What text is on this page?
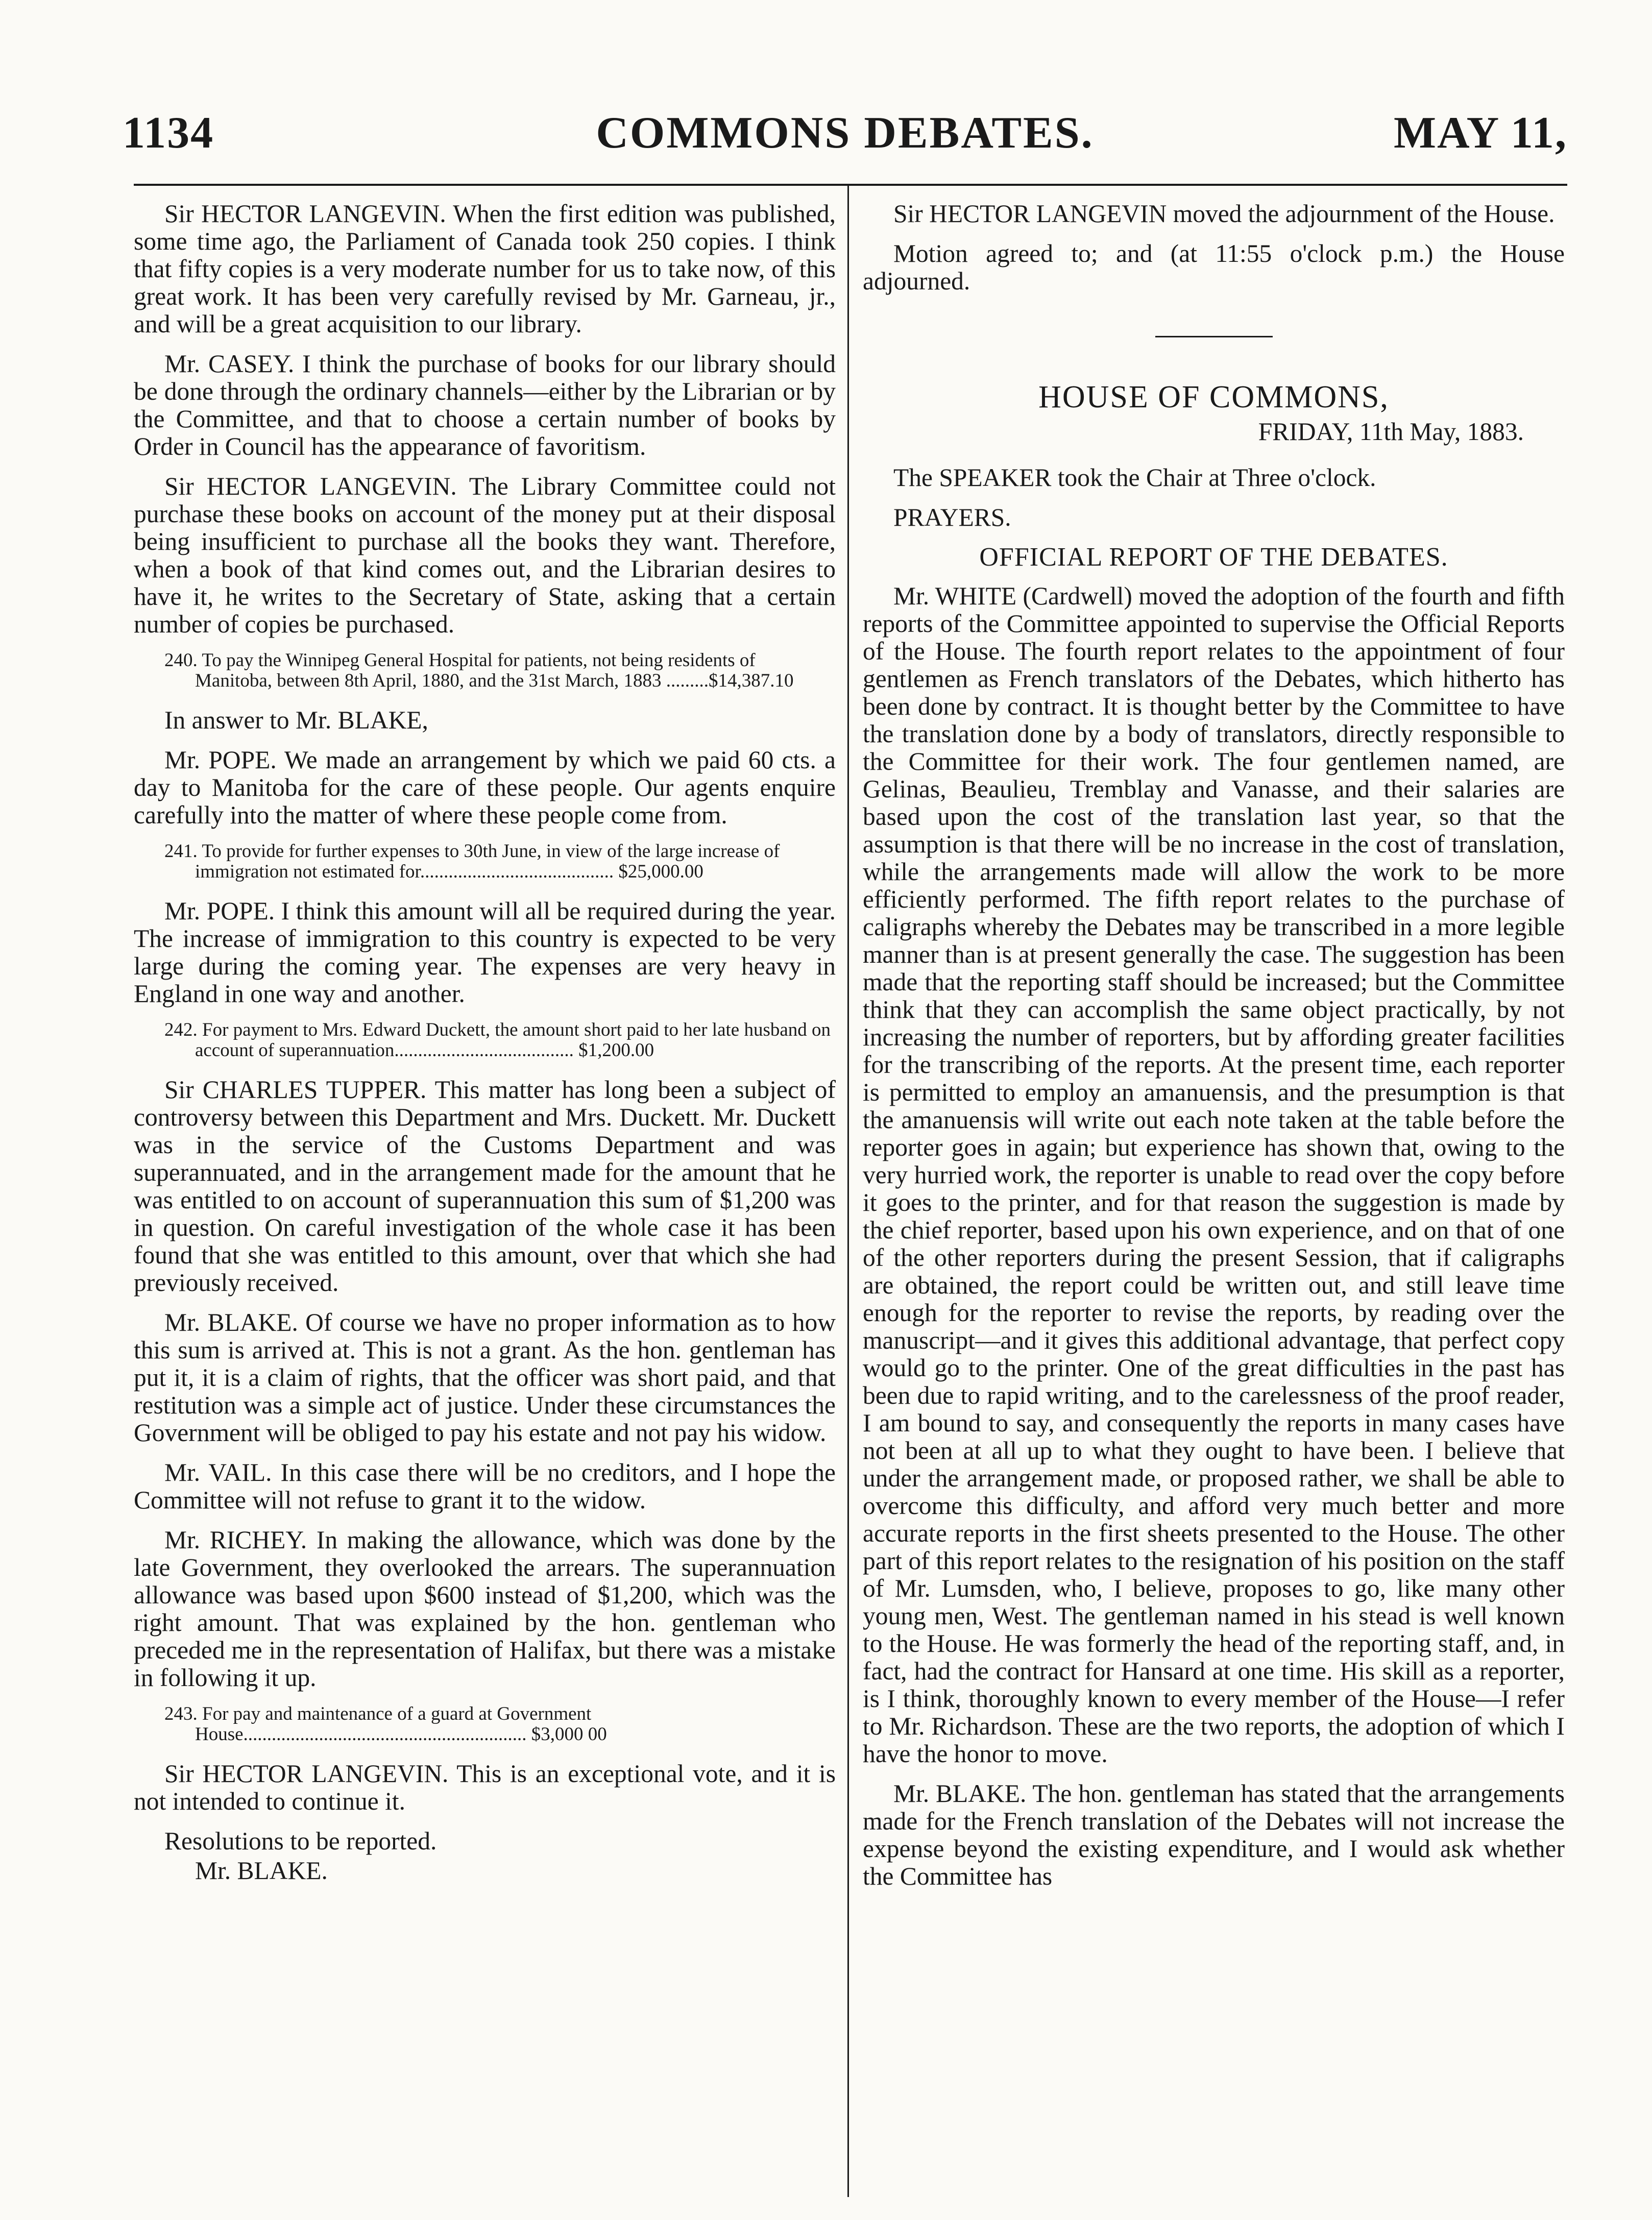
1134	COMMONS DEBATES.	MAY 11,

Sir HECTOR LANGEVIN. When the first edition was published, some time ago, the Parliament of Canada took 250 copies. I think that fifty copies is a very moderate number for us to take now, of this great work. It has been very carefully revised by Mr. Garneau, jr., and will be a great acquisition to our library.

Mr. CASEY. I think the purchase of books for our library should be done through the ordinary channels—either by the Librarian or by the Committee, and that to choose a certain number of books by Order in Council has the appearance of favoritism.

Sir HECTOR LANGEVIN. The Library Committee could not purchase these books on account of the money put at their disposal being insufficient to purchase all the books they want. Therefore, when a book of that kind comes out, and the Librarian desires to have it, he writes to the Secretary of State, asking that a certain number of copies be purchased.

240. To pay the Winnipeg General Hospital for patients, not being residents of Manitoba, between 8th April, 1880, and the 31st March, 1883 .........$14,387.10

In answer to Mr. BLAKE,

Mr. POPE. We made an arrangement by which we paid 60 cts. a day to Manitoba for the care of these people. Our agents enquire carefully into the matter of where these people come from.

241. To provide for further expenses to 30th June, in view of the large increase of immigration not estimated for......................................... $25,000.00

Mr. POPE. I think this amount will all be required during the year. The increase of immigration to this country is expected to be very large during the coming year. The expenses are very heavy in England in one way and another.

242. For payment to Mrs. Edward Duckett, the amount short paid to her late husband on account of superannuation...................................... $1,200.00

Sir CHARLES TUPPER. This matter has long been a subject of controversy between this Department and Mrs. Duckett. Mr. Duckett was in the service of the Customs Department and was superannuated, and in the arrangement made for the amount that he was entitled to on account of superannuation this sum of $1,200 was in question. On careful investigation of the whole case it has been found that she was entitled to this amount, over that which she had previously received.

Mr. BLAKE. Of course we have no proper information as to how this sum is arrived at. This is not a grant. As the hon. gentleman has put it, it is a claim of rights, that the officer was short paid, and that restitution was a simple act of justice. Under these circumstances the Government will be obliged to pay his estate and not pay his widow.

Mr. VAIL. In this case there will be no creditors, and I hope the Committee will not refuse to grant it to the widow.

Mr. RICHEY. In making the allowance, which was done by the late Government, they overlooked the arrears. The superannuation allowance was based upon $600 instead of $1,200, which was the right amount. That was explained by the hon. gentleman who preceded me in the representation of Halifax, but there was a mistake in following it up.

243. For pay and maintenance of a guard at Government House............................................................ $3,000 00

Sir HECTOR LANGEVIN. This is an exceptional vote, and it is not intended to continue it.

Resolutions to be reported.

Mr. BLAKE.

Sir HECTOR LANGEVIN moved the adjournment of the House.

Motion agreed to; and (at 11:55 o'clock p.m.) the House adjourned.

HOUSE OF COMMONS,
FRIDAY, 11th May, 1883.

The SPEAKER took the Chair at Three o'clock.

PRAYERS.

OFFICIAL REPORT OF THE DEBATES.

Mr. WHITE (Cardwell) moved the adoption of the fourth and fifth reports of the Committee appointed to supervise the Official Reports of the House. The fourth report relates to the appointment of four gentlemen as French translators of the Debates, which hitherto has been done by contract. It is thought better by the Committee to have the translation done by a body of translators, directly responsible to the Committee for their work. The four gentlemen named, are Gelinas, Beaulieu, Tremblay and Vanasse, and their salaries are based upon the cost of the translation last year, so that the assumption is that there will be no increase in the cost of translation, while the arrangements made will allow the work to be more efficiently performed. The fifth report relates to the purchase of caligraphs whereby the Debates may be transcribed in a more legible manner than is at present generally the case. The suggestion has been made that the reporting staff should be increased; but the Committee think that they can accomplish the same object practically, by not increasing the number of reporters, but by affording greater facilities for the transcribing of the reports. At the present time, each reporter is permitted to employ an amanuensis, and the presumption is that the amanuensis will write out each note taken at the table before the reporter goes in again; but experience has shown that, owing to the very hurried work, the reporter is unable to read over the copy before it goes to the printer, and for that reason the suggestion is made by the chief reporter, based upon his own experience, and on that of one of the other reporters during the present Session, that if caligraphs are obtained, the report could be written out, and still leave time enough for the reporter to revise the reports, by reading over the manuscript—and it gives this additional advantage, that perfect copy would go to the printer. One of the great difficulties in the past has been due to rapid writing, and to the carelessness of the proof reader, I am bound to say, and consequently the reports in many cases have not been at all up to what they ought to have been. I believe that under the arrangement made, or proposed rather, we shall be able to overcome this difficulty, and afford very much better and more accurate reports in the first sheets presented to the House. The other part of this report relates to the resignation of his position on the staff of Mr. Lumsden, who, I believe, proposes to go, like many other young men, West. The gentleman named in his stead is well known to the House. He was formerly the head of the reporting staff, and, in fact, had the contract for Hansard at one time. His skill as a reporter, is I think, thoroughly known to every member of the House—I refer to Mr. Richardson. These are the two reports, the adoption of which I have the honor to move.

Mr. BLAKE. The hon. gentleman has stated that the arrangements made for the French translation of the Debates will not increase the expense beyond the existing expenditure, and I would ask whether the Committee has
